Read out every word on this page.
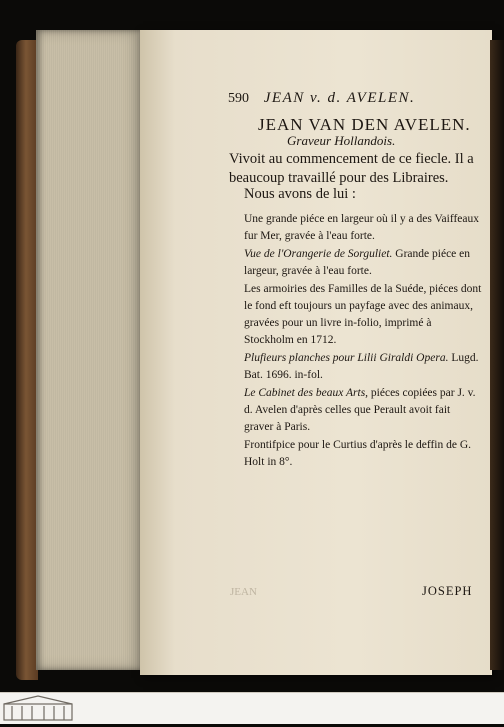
590 JEAN v. d. AVELEN.
JEAN VAN DEN AVELEN.
Graveur Hollandois.
Vivoit au commencement de ce fiecle. Il a beaucoup travaillé pour des Libraires.
Nous avons de lui :
Une grande piéce en largeur où il y a des Vaiffeaux fur Mer, gravée à l'eau forte.
Vue de l'Orangerie de Sorguliet. Grande piéce en largeur, gravée à l'eau forte.
Les armoiries des Familles de la Suéde, piéces dont le fond eft toujours un payfage avec des animaux, gravées pour un livre in-folio, imprimé à Stockholm en 1712.
Plufieurs planches pour Lilii Giraldi Opera. Lugd. Bat. 1696. in-fol.
Le Cabinet des beaux Arts, piéces copiées par J. v. d. Avelen d'après celles que Perault avoit fait graver à Paris.
Frontifpice pour le Curtius d'après le deffin de G. Holt in 8°.
JEAN	JOSEPH
